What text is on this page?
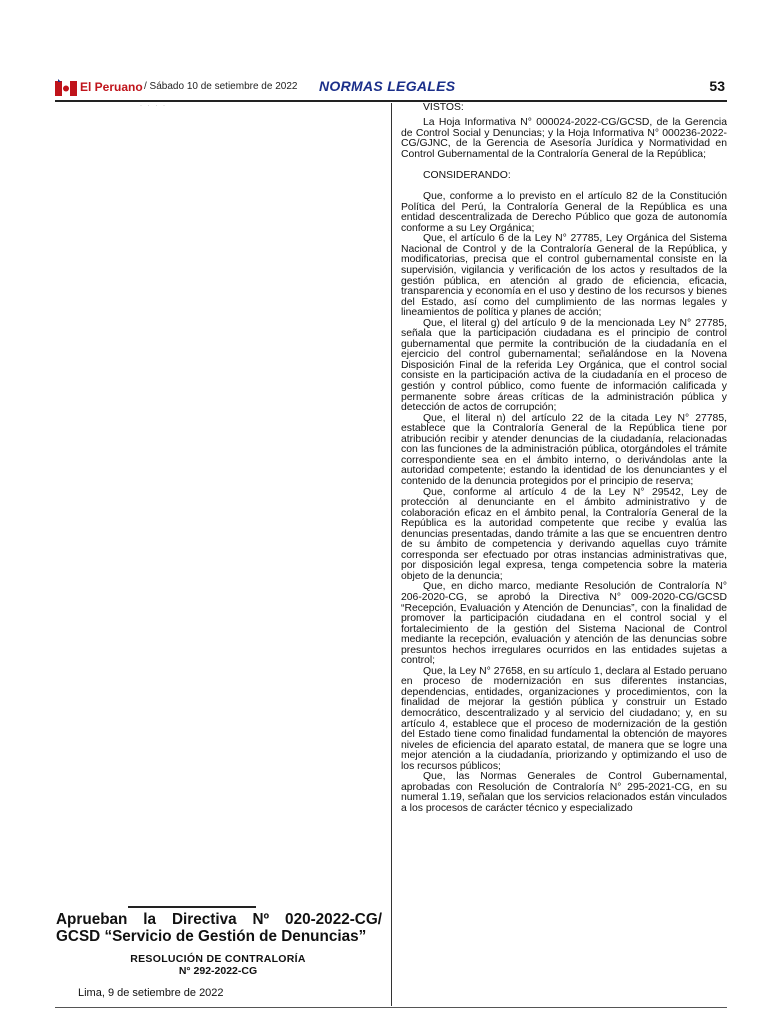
El Peruano / Sábado 10 de setiembre de 2022 NORMAS LEGALES	53
· · · ·
Aprueban la Directiva Nº 020-2022-CG/ GCSD “Servicio de Gestión de Denuncias”
RESOLUCIÓN DE CONTRALORÍA
N° 292-2022-CG
Lima, 9 de setiembre de 2022

VISTOS:

La Hoja Informativa N° 000024-2022-CG/GCSD, de la Gerencia de Control Social y Denuncias; y la Hoja Informativa N° 000236-2022-CG/GJNC, de la Gerencia de Asesoría Jurídica y Normatividad en Control Gubernamental de la Contraloría General de la República;

CONSIDERANDO:

Que, conforme a lo previsto en el artículo 82 de la Constitución Política del Perú, la Contraloría General de la República es una entidad descentralizada de Derecho Público que goza de autonomía conforme a su Ley Orgánica;

Que, el artículo 6 de la Ley N° 27785, Ley Orgánica del Sistema Nacional de Control y de la Contraloría General de la República, y modificatorias, precisa que el control gubernamental consiste en la supervisión, vigilancia y verificación de los actos y resultados de la gestión pública, en atención al grado de eficiencia, eficacia, transparencia y economía en el uso y destino de los recursos y bienes del Estado, así como del cumplimiento de las normas legales y lineamientos de política y planes de acción;

Que, el literal g) del artículo 9 de la mencionada Ley N° 27785, señala que la participación ciudadana es el principio de control gubernamental que permite la contribución de la ciudadanía en el ejercicio del control gubernamental; señalándose en la Novena Disposición Final de la referida Ley Orgánica, que el control social consiste en la participación activa de la ciudadanía en el proceso de gestión y control público, como fuente de información calificada y permanente sobre áreas críticas de la administración pública y detección de actos de corrupción;

Que, el literal n) del artículo 22 de la citada Ley N° 27785, establece que la Contraloría General de la República tiene por atribución recibir y atender denuncias de la ciudadanía, relacionadas con las funciones de la administración pública, otorgándoles el trámite correspondiente sea en el ámbito interno, o derivándolas ante la autoridad competente; estando la identidad de los denunciantes y el contenido de la denuncia protegidos por el principio de reserva;

Que, conforme al artículo 4 de la Ley N° 29542, Ley de protección al denunciante en el ámbito administrativo y de colaboración eficaz en el ámbito penal, la Contraloría General de la República es la autoridad competente que recibe y evalúa las denuncias presentadas, dando trámite a las que se encuentren dentro de su ámbito de competencia y derivando aquellas cuyo trámite corresponda ser efectuado por otras instancias administrativas que, por disposición legal expresa, tenga competencia sobre la materia objeto de la denuncia;

Que, en dicho marco, mediante Resolución de Contraloría N° 206-2020-CG, se aprobó la Directiva N° 009-2020-CG/GCSD “Recepción, Evaluación y Atención de Denuncias”, con la finalidad de promover la participación ciudadana en el control social y el fortalecimiento de la gestión del Sistema Nacional de Control mediante la recepción, evaluación y atención de las denuncias sobre presuntos hechos irregulares ocurridos en las entidades sujetas a control;

Que, la Ley N° 27658, en su artículo 1, declara al Estado peruano en proceso de modernización en sus diferentes instancias, dependencias, entidades, organizaciones y procedimientos, con la finalidad de mejorar la gestión pública y construir un Estado democrático, descentralizado y al servicio del ciudadano; y, en su artículo 4, establece que el proceso de modernización de la gestión del Estado tiene como finalidad fundamental la obtención de mayores niveles de eficiencia del aparato estatal, de manera que se logre una mejor atención a la ciudadanía, priorizando y optimizando el uso de los recursos públicos;

Que, las Normas Generales de Control Gubernamental, aprobadas con Resolución de Contraloría N° 295-2021-CG, en su numeral 1.19, señalan que los servicios relacionados están vinculados a los procesos de carácter técnico y especializado
